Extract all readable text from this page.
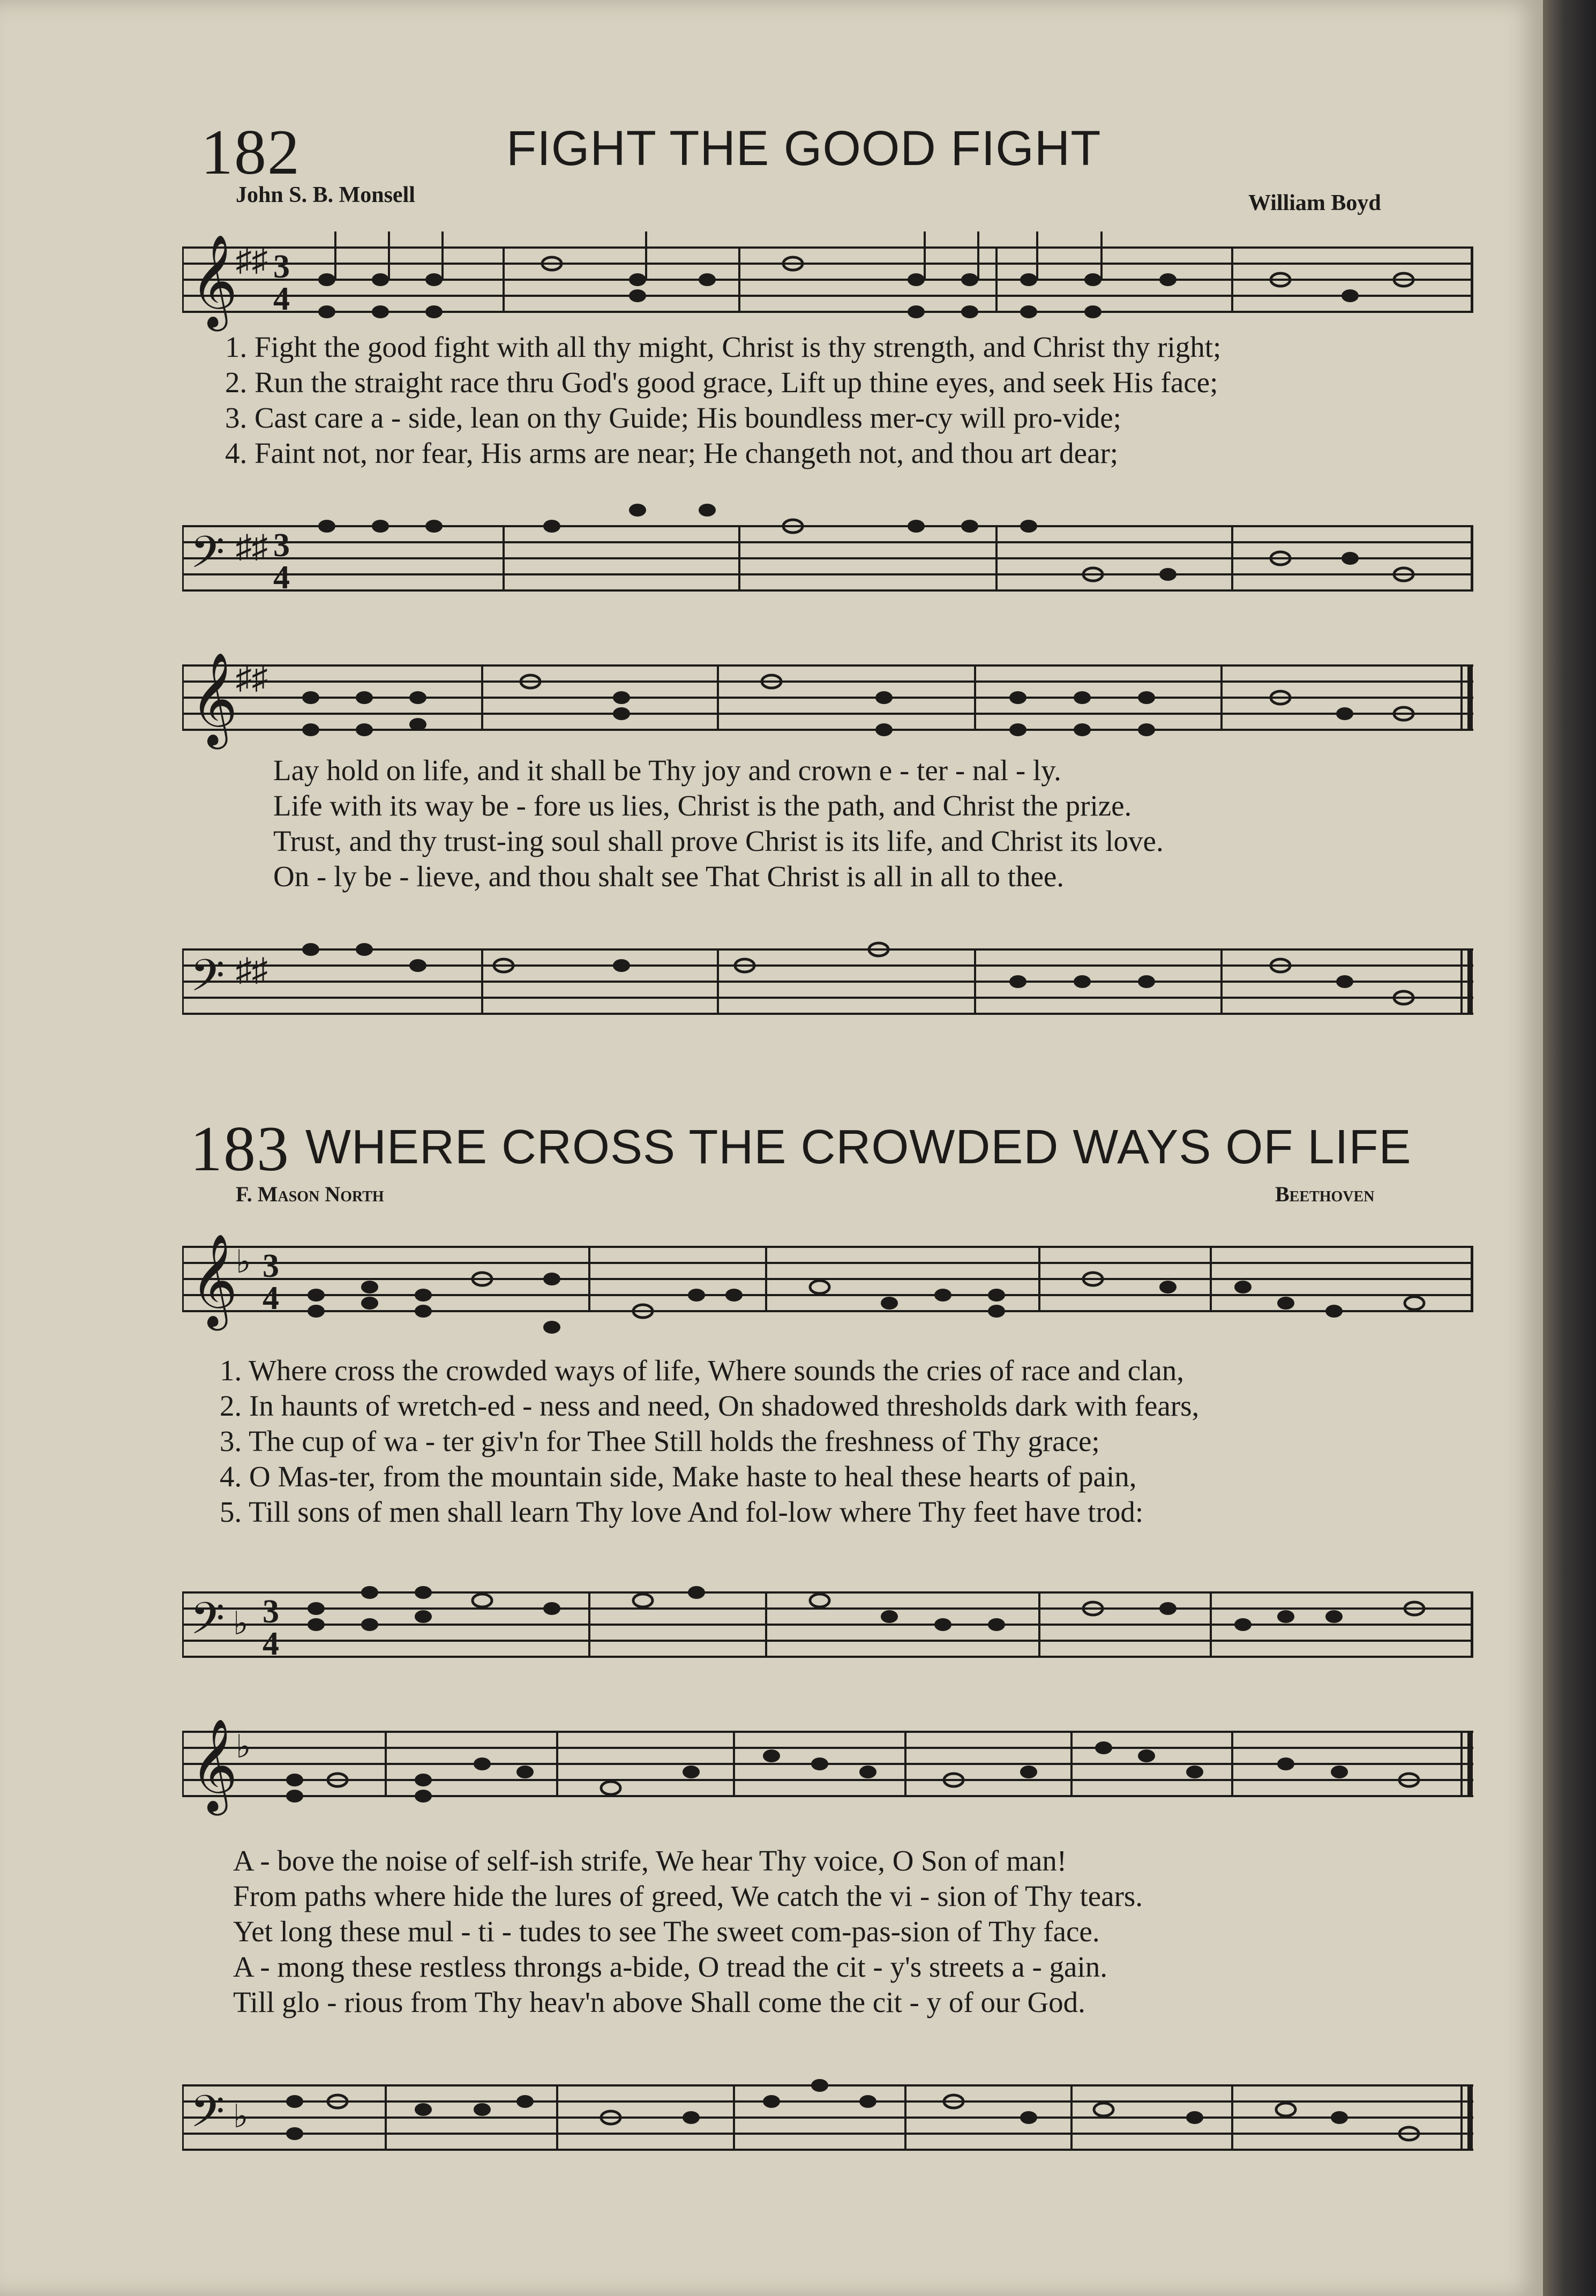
182	FIGHT THE GOOD FIGHT
John S. B. Monsell	William Boyd
𝄞
♯♯ 3
4
1. Fight the good fight with all thy might, Christ is thy strength, and Christ thy right;
2. Run the straight race thru God's good grace, Lift up thine eyes, and seek His face;
3. Cast care a - side, lean on thy Guide; His boundless mer-cy will pro-vide;
4. Faint not, nor fear, His arms are near; He changeth not, and thou art dear;
𝄢 ♯♯ 3
4
𝄞
♯♯
Lay hold on life, and it shall be Thy joy and crown e - ter - nal - ly.
Life with its way be - fore us lies, Christ is the path, and Christ the prize.
Trust, and thy trust-ing soul shall prove Christ is its life, and Christ its love.
On - ly be - lieve, and thou shalt see That Christ is all in all to thee.
𝄢 ♯♯
183 WHERE CROSS THE CROWDED WAYS OF LIFE
F. Mason North	Beethoven
𝄞
♭ 3
4
1. Where cross the crowded ways of life, Where sounds the cries of race and clan,
2. In haunts of wretch-ed - ness and need, On shadowed thresholds dark with fears,
3. The cup of wa - ter giv'n for Thee Still holds the freshness of Thy grace;
4. O Mas-ter, from the mountain side, Make haste to heal these hearts of pain,
5. Till sons of men shall learn Thy love And fol-low where Thy feet have trod:
𝄢 ♭ 3
4
𝄞
♭
A - bove the noise of self-ish strife, We hear Thy voice, O Son of man!
From paths where hide the lures of greed, We catch the vi - sion of Thy tears.
Yet long these mul - ti - tudes to see The sweet com-pas-sion of Thy face.
A - mong these restless throngs a-bide, O tread the cit - y's streets a - gain.
Till glo - rious from Thy heav'n above Shall come the cit - y of our God.
𝄢 ♭
